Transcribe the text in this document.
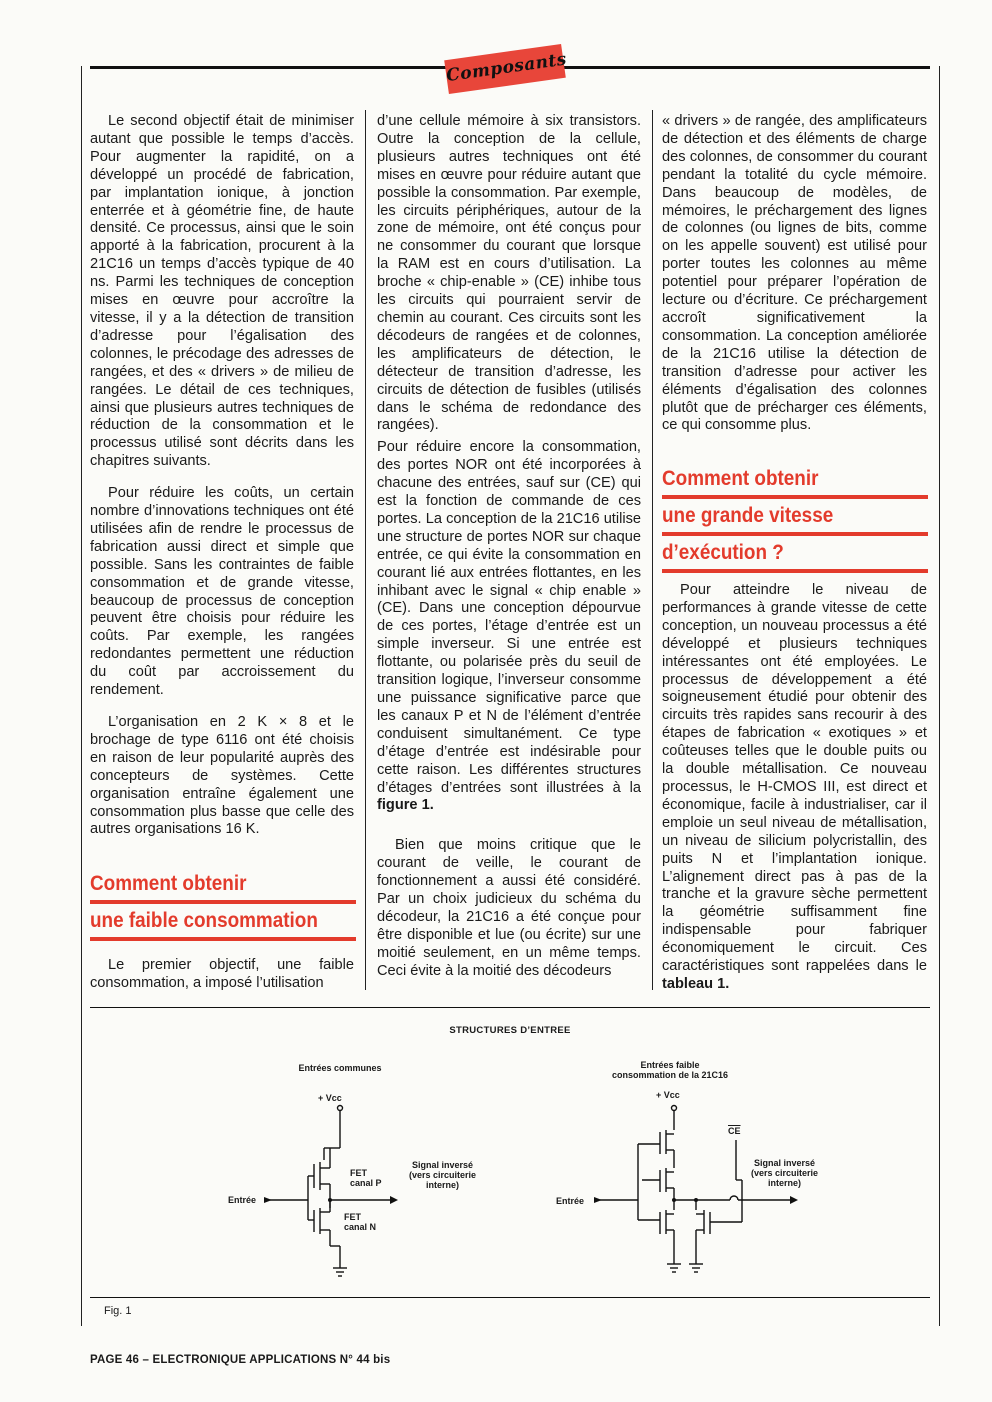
Composants

Le second objectif était de minimiser autant que possible le temps d’accès. Pour augmenter la rapidité, on a développé un procédé de fabrication, par implantation ionique, à jonction enterrée et à géométrie fine, de haute densité. Ce processus, ainsi que le soin apporté à la fabrication, procurent à la 21C16 un temps d’accès typique de 40 ns. Parmi les techniques de conception mises en œuvre pour accroître la vitesse, il y a la détection de transition d’adresse pour l’égalisation des colonnes, le précodage des adresses de rangées, et des « drivers » de milieu de rangées. Le détail de ces techniques, ainsi que plusieurs autres techniques de réduction de la consommation et le processus utilisé sont décrits dans les chapitres suivants.

Pour réduire les coûts, un certain nombre d’innovations techniques ont été utilisées afin de rendre le processus de fabrication aussi direct et simple que possible. Sans les contraintes de faible consommation et de grande vitesse, beaucoup de processus de conception peuvent être choisis pour réduire les coûts. Par exemple, les rangées redondantes permettent une réduction du coût par accroissement du rendement.

L’organisation en 2 K × 8 et le brochage de type 6116 ont été choisis en raison de leur popularité auprès des concepteurs de systèmes. Cette organisation entraîne également une consommation plus basse que celle des autres organisations 16 K.

Comment obtenir
une faible consommation

Le premier objectif, une faible consommation, a imposé l’utilisation

d’une cellule mémoire à six transistors. Outre la conception de la cellule, plusieurs autres techniques ont été mises en œuvre pour réduire autant que possible la consommation. Par exemple, les circuits périphériques, autour de la zone de mémoire, ont été conçus pour ne consommer du courant que lorsque la RAM est en cours d’utilisation. La broche « chip-enable » (CE) inhibe tous les circuits qui pourraient servir de chemin au courant. Ces circuits sont les décodeurs de rangées et de colonnes, les amplificateurs de détection, le détecteur de transition d’adresse, les circuits de détection de fusibles (utilisés dans le schéma de redondance des rangées).

Pour réduire encore la consommation, des portes NOR ont été incorporées à chacune des entrées, sauf sur (CE) qui est la fonction de commande de ces portes. La conception de la 21C16 utilise une structure de portes NOR sur chaque entrée, ce qui évite la consommation en courant lié aux entrées flottantes, en les inhibant avec le signal « chip enable » (CE). Dans une conception dépourvue de ces portes, l’étage d’entrée est un simple inverseur. Si une entrée est flottante, ou polarisée près du seuil de transition logique, l’inverseur consomme une puissance significative parce que les canaux P et N de l’élément d’entrée conduisent simultanément. Ce type d’étage d’entrée est indésirable pour cette raison. Les différentes structures d’étages d’entrées sont illustrées à la figure 1.

Bien que moins critique que le courant de veille, le courant de fonctionnement a aussi été considéré. Par un choix judicieux du schéma du décodeur, la 21C16 a été conçue pour être disponible et lue (ou écrite) sur une moitié seulement, en un même temps. Ceci évite à la moitié des décodeurs

« drivers » de rangée, des amplificateurs de détection et des éléments de charge des colonnes, de consommer du courant pendant la totalité du cycle mémoire. Dans beaucoup de modèles, de mémoires, le préchargement des lignes de colonnes (ou lignes de bits, comme on les appelle souvent) est utilisé pour porter toutes les colonnes au même potentiel pour préparer l’opération de lecture ou d’écriture. Ce préchargement accroît significativement la consommation. La conception améliorée de la 21C16 utilise la détection de transition d’adresse pour activer les éléments d’égalisation des colonnes plutôt que de précharger ces éléments, ce qui consomme plus.

Comment obtenir
une grande vitesse
d’exécution ?

Pour atteindre le niveau de performances à grande vitesse de cette conception, un nouveau processus a été développé et plusieurs techniques intéressantes ont été employées. Le processus de développement a été soigneusement étudié pour obtenir des circuits très rapides sans recourir à des étapes de fabrication « exotiques » et coûteuses telles que le double puits ou la double métallisation. Ce nouveau processus, le H-CMOS III, est direct et économique, facile à industrialiser, car il emploie un seul niveau de métallisation, un niveau de silicium polycristallin, des puits N et l’implantation ionique. L’alignement direct pas à pas de la tranche et la gravure sèche permettent la géométrie suffisamment fine indispensable pour fabriquer économiquement le circuit. Ces caractéristiques sont rappelées dans le tableau 1.

STRUCTURES D’ENTREE
Entrées communes
+ Vcc
FET
canal P
FET
canal N
Entrée
Signal inversé
(vers circuiterie
interne)
Entrées faible
consommation de la 21C16
+ Vcc
$\overline{CE}$
Entrée
Signal inversé
(vers circuiterie
interne)
Fig. 1
PAGE 46 – ELECTRONIQUE APPLICATIONS N° 44 bis
